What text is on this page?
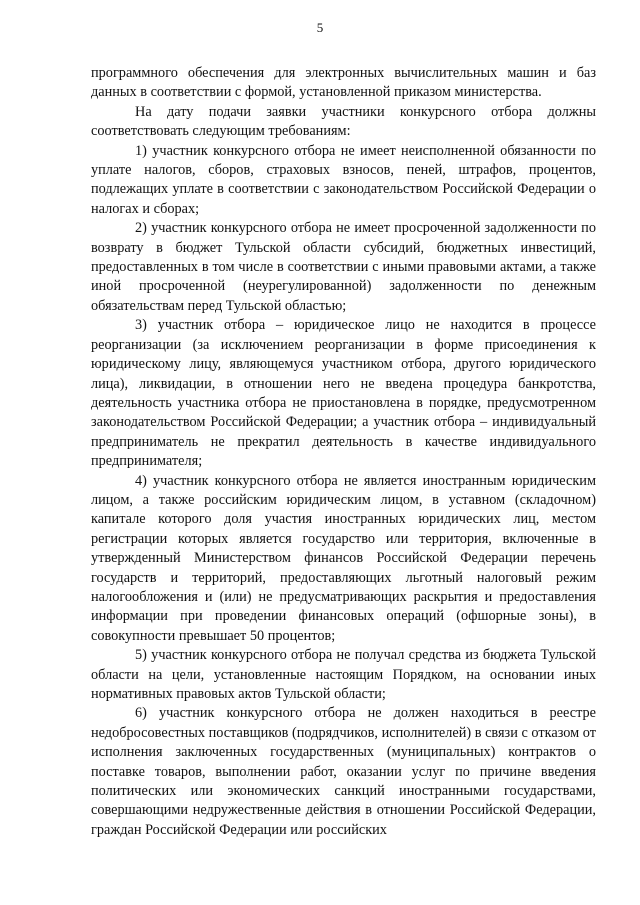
5

программного обеспечения для электронных вычислительных машин и баз данных в соответствии с формой, установленной приказом министерства.

На дату подачи заявки участники конкурсного отбора должны соответствовать следующим требованиям:

1) участник конкурсного отбора не имеет неисполненной обязанности по уплате налогов, сборов, страховых взносов, пеней, штрафов, процентов, подлежащих уплате в соответствии с законодательством Российской Федерации о налогах и сборах;

2) участник конкурсного отбора не имеет просроченной задолженности по возврату в бюджет Тульской области субсидий, бюджетных инвестиций, предоставленных в том числе в соответствии с иными правовыми актами, а также иной просроченной (неурегулированной) задолженности по денежным обязательствам перед Тульской областью;

3) участник отбора – юридическое лицо не находится в процессе реорганизации (за исключением реорганизации в форме присоединения к юридическому лицу, являющемуся участником отбора, другого юридического лица), ликвидации, в отношении него не введена процедура банкротства, деятельность участника отбора не приостановлена в порядке, предусмотренном законодательством Российской Федерации; а участник отбора – индивидуальный предприниматель не прекратил деятельность в качестве индивидуального предпринимателя;

4) участник конкурсного отбора не является иностранным юридическим лицом, а также российским юридическим лицом, в уставном (складочном) капитале которого доля участия иностранных юридических лиц, местом регистрации которых является государство или территория, включенные в утвержденный Министерством финансов Российской Федерации перечень государств и территорий, предоставляющих льготный налоговый режим налогообложения и (или) не предусматривающих раскрытия и предоставления информации при проведении финансовых операций (офшорные зоны), в совокупности превышает 50 процентов;

5) участник конкурсного отбора не получал средства из бюджета Тульской области на цели, установленные настоящим Порядком, на основании иных нормативных правовых актов Тульской области;

6) участник конкурсного отбора не должен находиться в реестре недобросовестных поставщиков (подрядчиков, исполнителей) в связи с отказом от исполнения заключенных государственных (муниципальных) контрактов о поставке товаров, выполнении работ, оказании услуг по причине введения политических или экономических санкций иностранными государствами, совершающими недружественные действия в отношении Российской Федерации, граждан Российской Федерации или российских
